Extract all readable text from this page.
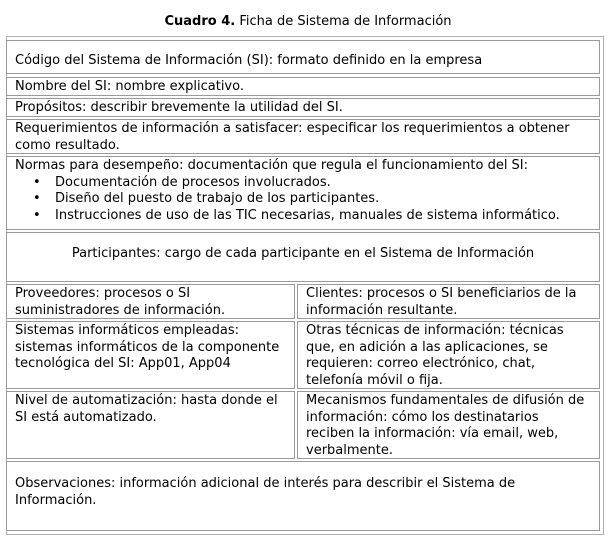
Cuadro 4. Ficha de Sistema de Información
Código del Sistema de Información (SI): formato definido en la empresa
Nombre del SI: nombre explicativo.
Propósitos: describir brevemente la utilidad del SI.
Requerimientos de información a satisfacer: especificar los requerimientos a obtener como resultado.
Normas para desempeño: documentación que regula el funcionamiento del SI:
• Documentación de procesos involucrados.
• Diseño del puesto de trabajo de los participantes.
• Instrucciones de uso de las TIC necesarias, manuales de sistema informático.
Participantes: cargo de cada participante en el Sistema de Información
Proveedores: procesos o SI suministradores de información.
Clientes: procesos o SI beneficiarios de la información resultante.
Sistemas informáticos empleadas: sistemas informáticos de la componente tecnológica del SI: App01, App04
Otras técnicas de información: técnicas que, en adición a las aplicaciones, se requieren: correo electrónico, chat, telefonía móvil o fija.
Nivel de automatización: hasta donde el SI está automatizado.
Mecanismos fundamentales de difusión de información: cómo los destinatarios reciben la información: vía email, web, verbalmente.
Observaciones: información adicional de interés para describir el Sistema de Información.
